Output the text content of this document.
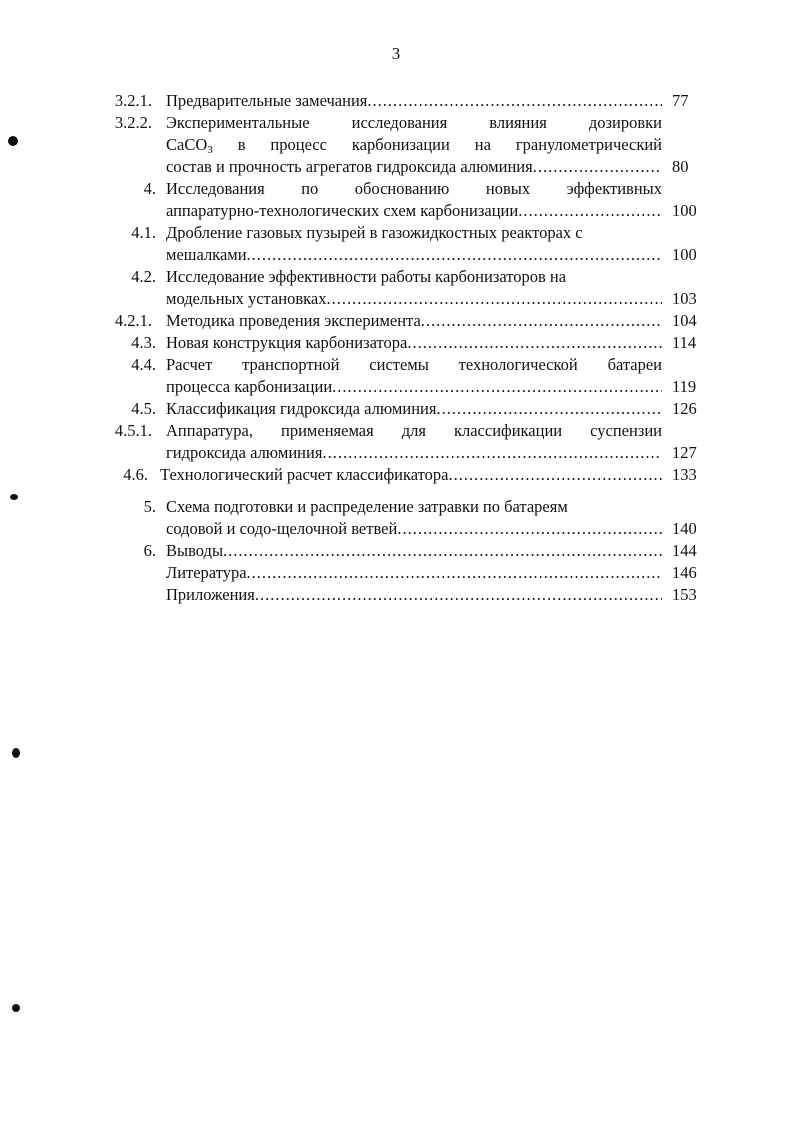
3
3.2.1. Предварительные замечания .....	77
3.2.2. Экспериментальные исследования влияния дозировки
CaCO$_3$ в процесс карбонизации на гранулометрический
состав и прочность агрегатов гидроксида алюминия .....	80
4. Исследования по обоснованию новых эффективных
аппаратурно-технологических схем карбонизации .....	100
4.1. Дробление газовых пузырей в газожидкостных реакторах с
мешалками .....	100
4.2. Исследование эффективности работы карбонизаторов на
модельных установках .....	103
4.2.1. Методика проведения эксперимента .....	104
4.3. Новая конструкция карбонизатора .....	114
4.4. Расчет транспортной системы технологической батареи
процесса карбонизации .....	119
4.5. Классификация гидроксида алюминия .....	126
4.5.1. Аппаратура, применяемая для классификации суспензии
гидроксида алюминия .....	127
4.6. Технологический расчет классификатора .....	133
5. Схема подготовки и распределение затравки по батареям
содовой и содо-щелочной ветвей .....	140
6. Выводы .....	144
Литература .....	146
Приложения .....	153
